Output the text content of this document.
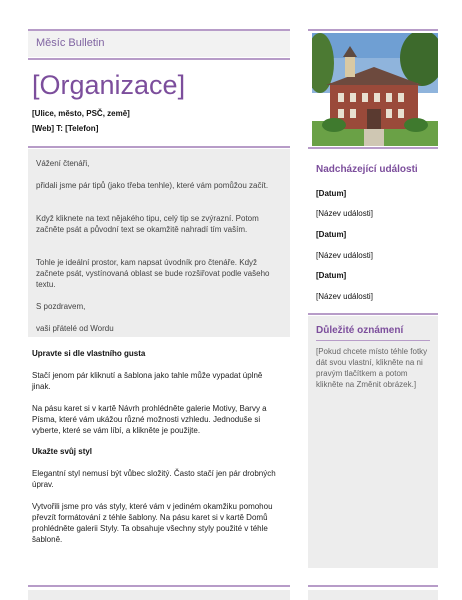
Měsíc Bulletin
[Organizace]
[Ulice, město, PSČ, země]
[Web] T: [Telefon]

Vážení čtenáři,

přidali jsme pár tipů (jako třeba tenhle), které vám pomůžou začít.

Když kliknete na text nějakého tipu, celý tip se zvýrazní. Potom začněte psát a původní text se okamžitě nahradí tím vaším.

Tohle je ideální prostor, kam napsat úvodník pro čtenáře. Když začnete psát, vystínovaná oblast se bude rozšiřovat podle vašeho textu.

S pozdravem,

vaši přátelé od Wordu

Upravte si dle vlastního gusta

Stačí jenom pár kliknutí a šablona jako tahle může vypadat úplně jinak.

Na pásu karet si v kartě Návrh prohlédněte galerie Motivy, Barvy a Písma, které vám ukážou různé možnosti vzhledu. Jednoduše si vyberte, které se vám líbí, a klikněte je použijte.

Ukažte svůj styl

Elegantní styl nemusí být vůbec složitý. Často stačí jen pár drobných úprav.

Vytvořili jsme pro vás styly, které vám v jediném okamžiku pomohou převzít formátování z téhle šablony. Na pásu karet si v kartě Domů prohlédněte galerii Styly. Ta obsahuje všechny styly použité v téhle šabloně.

Nadcházející události
[Datum]
[Název události]
[Datum]
[Název události]
[Datum]
[Název události]
Důležité oznámení
[Pokud chcete místo téhle fotky dát svou vlastní, klikněte na ni pravým tlačítkem a potom klikněte na Změnit obrázek.]
